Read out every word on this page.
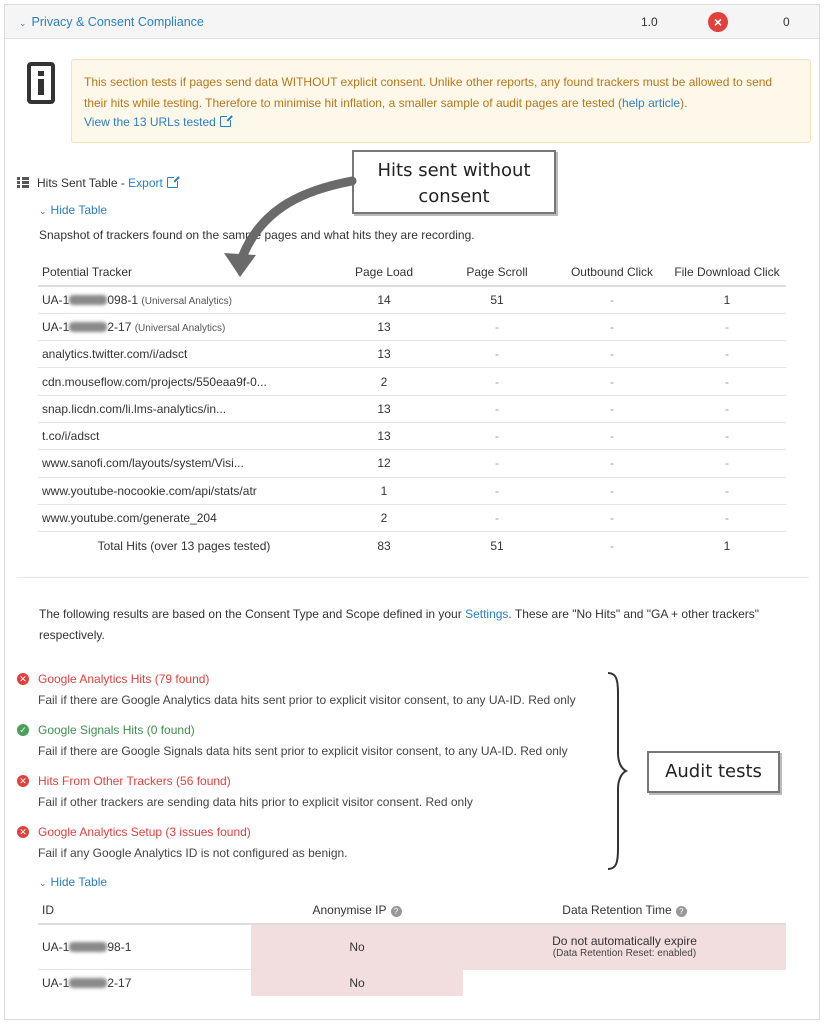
⌄ Privacy & Consent Compliance	1.0	×	0
This section tests if pages send data WITHOUT explicit consent. Unlike other reports, any found trackers must be allowed to send their hits while testing. Therefore to minimise hit inflation, a smaller sample of audit pages are tested (help article).
View the 13 URLs tested
Hits Sent Table - Export
⌄ Hide Table
Snapshot of trackers found on the sample pages and what hits they are recording.
Potential Tracker	Page Load	Page Scroll	Outbound Click	File Download Click
UA-1 098-1 (Universal Analytics)	14	51	-	1
UA-1 2-17 (Universal Analytics)	13	-	-	-
analytics.twitter.com/i/adsct	13	-	-	-
cdn.mouseflow.com/projects/550eaa9f-0...	2	-	-	-
snap.licdn.com/li.lms-analytics/in...	13	-	-	-
t.co/i/adsct	13	-	-	-
www.sanofi.com/layouts/system/Visi...	12	-	-	-
www.youtube-nocookie.com/api/stats/atr	1	-	-	-
www.youtube.com/generate_204	2	-	-	-
Total Hits (over 13 pages tested)	83	51	-	1
The following results are based on the Consent Type and Scope defined in your Settings. These are "No Hits" and "GA + other trackers" respectively.
✕ Google Analytics Hits (79 found)
Fail if there are Google Analytics data hits sent prior to explicit visitor consent, to any UA-ID. Red only
✓ Google Signals Hits (0 found)
Fail if there are Google Signals data hits sent prior to explicit visitor consent, to any UA-ID. Red only
✕ Hits From Other Trackers (56 found)
Fail if other trackers are sending data hits prior to explicit visitor consent. Red only
✕ Google Analytics Setup (3 issues found)
Fail if any Google Analytics ID is not configured as benign.
⌄ Hide Table
ID	Anonymise IP ?	Data Retention Time ?
UA-1 98-1	No	Do not automatically expire
(Data Retention Reset: enabled)

UA-1 2-17	No	
Hits sent without consent
Audit tests
